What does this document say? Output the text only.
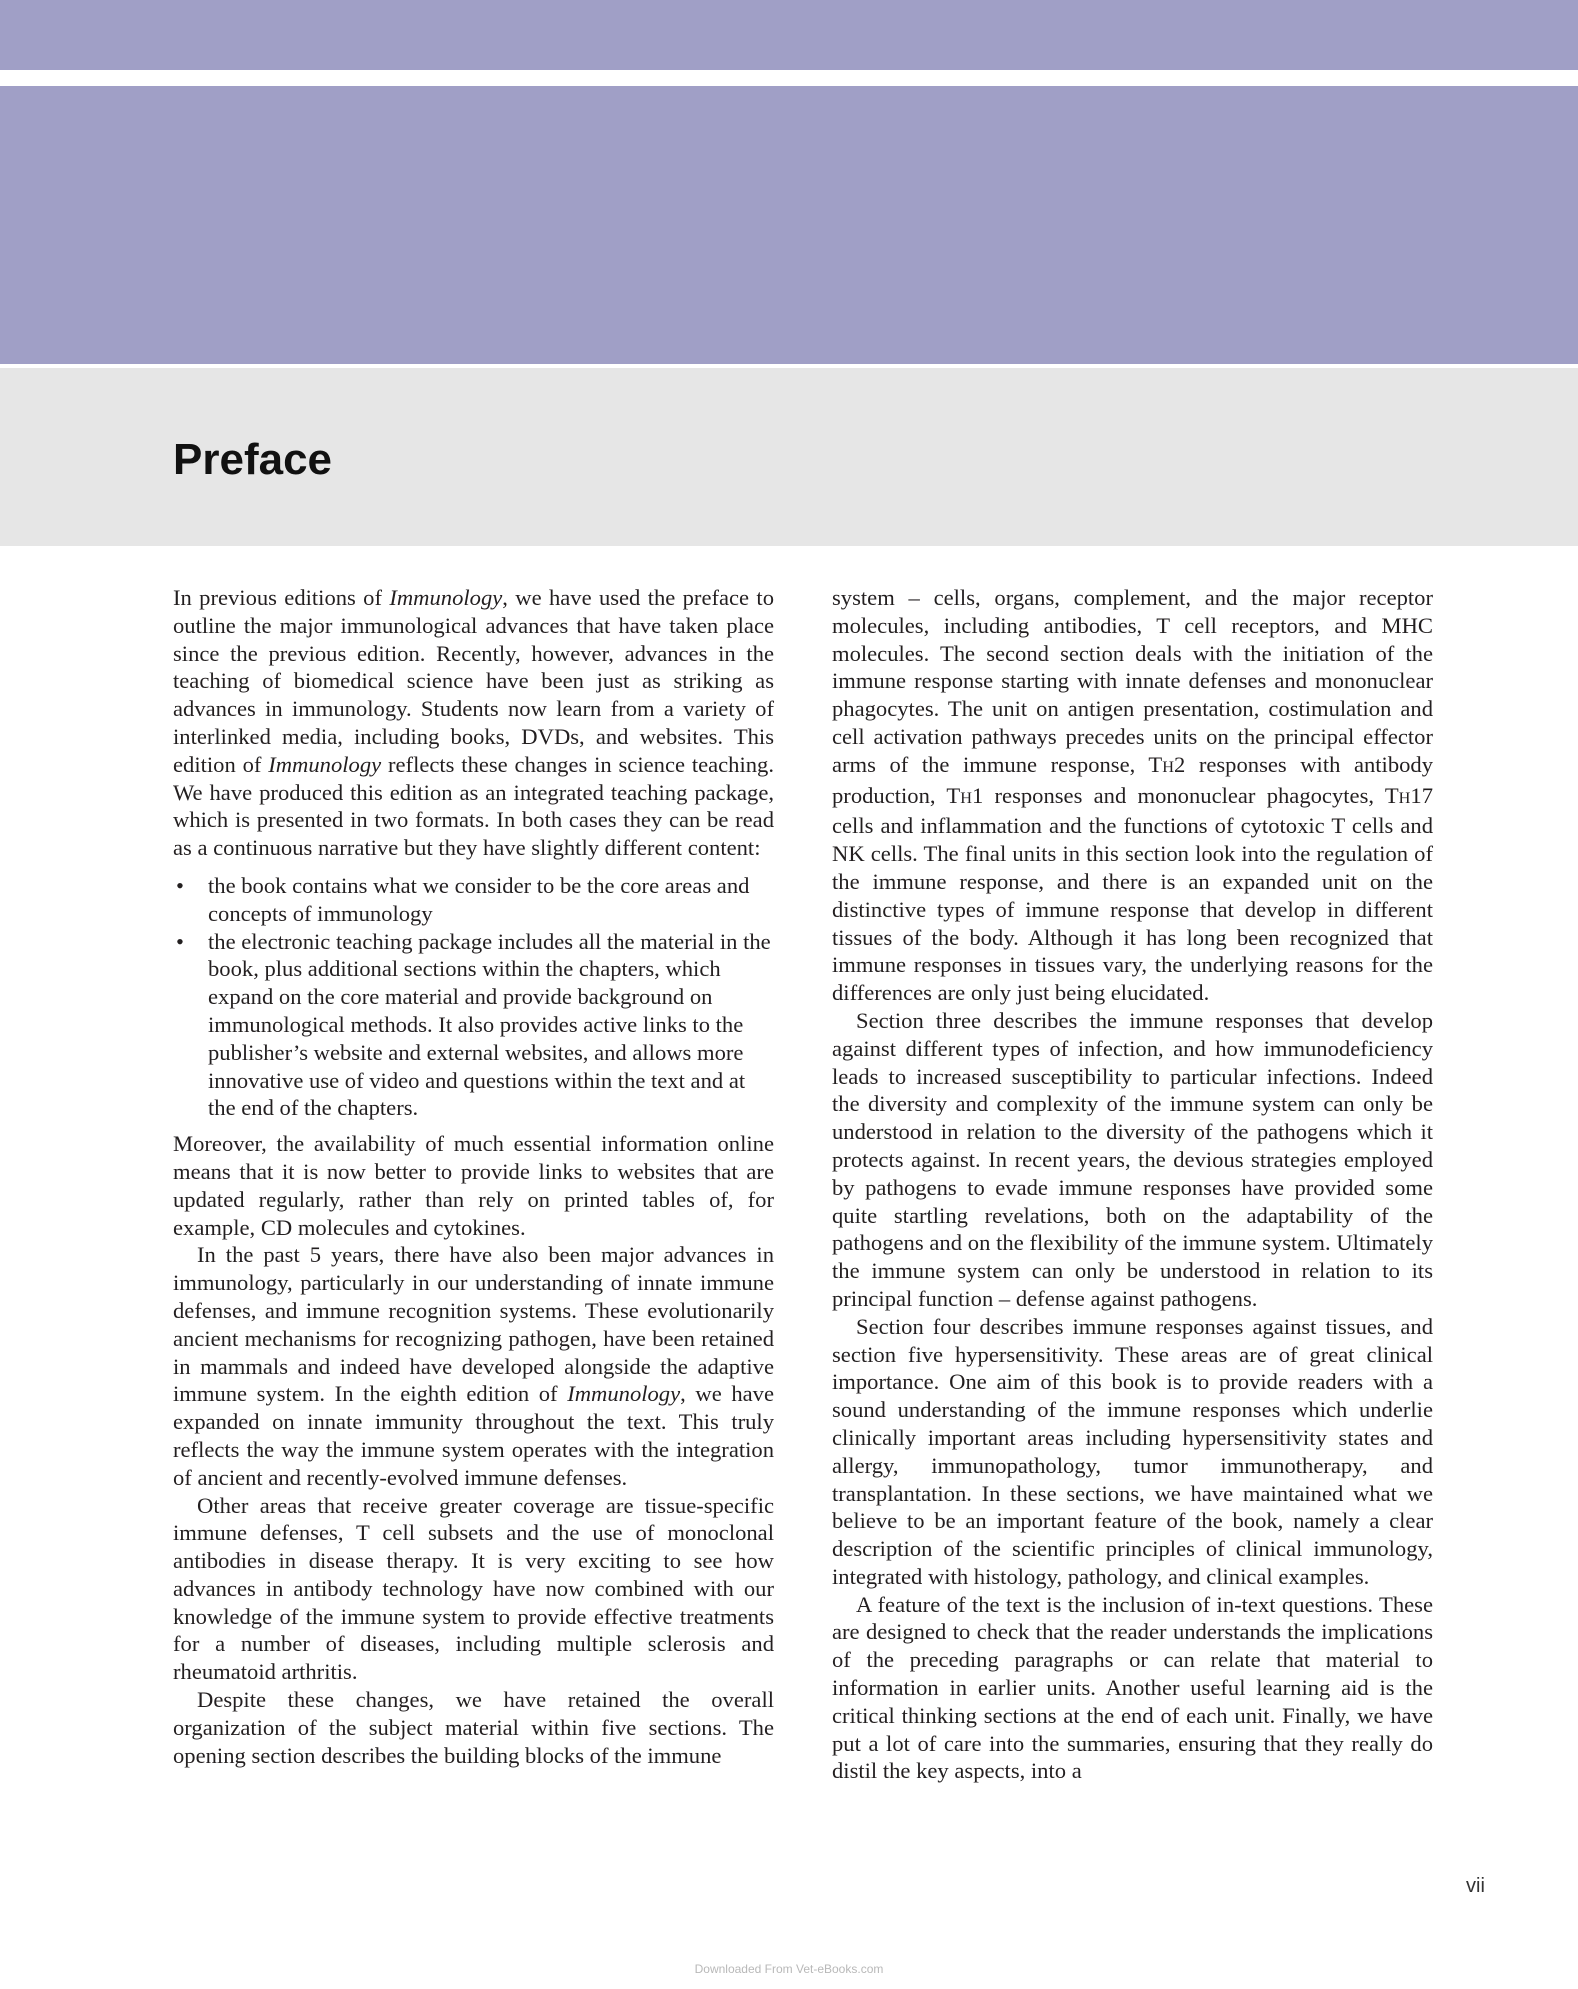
Preface

In previous editions of Immunology, we have used the preface to outline the major immunological advances that have taken place since the previous edition. Recently, however, advances in the teaching of biomedical science have been just as striking as advances in immunology. Students now learn from a variety of interlinked media, including books, DVDs, and websites. This edition of Immunology reflects these changes in science teaching. We have produced this edition as an integrated teaching package, which is presented in two formats. In both cases they can be read as a continuous narrative but they have slightly different content:

• the book contains what we consider to be the core areas and concepts of immunology
• the electronic teaching package includes all the material in the book, plus additional sections within the chapters, which expand on the core material and provide background on immunological methods. It also provides active links to the publisher’s website and external websites, and allows more innovative use of video and questions within the text and at the end of the chapters.

Moreover, the availability of much essential information online means that it is now better to provide links to websites that are updated regularly, rather than rely on printed tables of, for example, CD molecules and cytokines.

In the past 5 years, there have also been major advances in immunology, particularly in our understanding of innate immune defenses, and immune recognition systems. These evolutionarily ancient mechanisms for recognizing pathogen, have been retained in mammals and indeed have developed alongside the adaptive immune system. In the eighth edition of Immunology, we have expanded on innate immunity throughout the text. This truly reflects the way the immune system operates with the integration of ancient and recently-evolved immune defenses.

Other areas that receive greater coverage are tissue-specific immune defenses, T cell subsets and the use of monoclonal antibodies in disease therapy. It is very exciting to see how advances in antibody technology have now combined with our knowledge of the immune system to provide effective treatments for a number of diseases, including multiple sclerosis and rheumatoid arthritis.

Despite these changes, we have retained the overall organization of the subject material within five sections. The opening section describes the building blocks of the immune

system – cells, organs, complement, and the major receptor molecules, including antibodies, T cell receptors, and MHC molecules. The second section deals with the initiation of the immune response starting with innate defenses and mononuclear phagocytes. The unit on antigen presentation, costimulation and cell activation pathways precedes units on the principal effector arms of the immune response, TH2 responses with antibody production, TH1 responses and mononuclear phagocytes, TH17 cells and inflammation and the functions of cytotoxic T cells and NK cells. The final units in this section look into the regulation of the immune response, and there is an expanded unit on the distinctive types of immune response that develop in different tissues of the body. Although it has long been recognized that immune responses in tissues vary, the underlying reasons for the differences are only just being elucidated.

Section three describes the immune responses that develop against different types of infection, and how immunodeficiency leads to increased susceptibility to particular infections. Indeed the diversity and complexity of the immune system can only be understood in relation to the diversity of the pathogens which it protects against. In recent years, the devious strategies employed by pathogens to evade immune responses have provided some quite startling revelations, both on the adaptability of the pathogens and on the flexibility of the immune system. Ultimately the immune system can only be understood in relation to its principal function – defense against pathogens.

Section four describes immune responses against tissues, and section five hypersensitivity. These areas are of great clinical importance. One aim of this book is to provide readers with a sound understanding of the immune responses which underlie clinically important areas including hypersensitivity states and allergy, immunopathology, tumor immunotherapy, and transplantation. In these sections, we have maintained what we believe to be an important feature of the book, namely a clear description of the scientific principles of clinical immunology, integrated with histology, pathology, and clinical examples.

A feature of the text is the inclusion of in-text questions. These are designed to check that the reader understands the implications of the preceding paragraphs or can relate that material to information in earlier units. Another useful learning aid is the critical thinking sections at the end of each unit. Finally, we have put a lot of care into the summaries, ensuring that they really do distil the key aspects, into a

vii
Downloaded From Vet-eBooks.com
